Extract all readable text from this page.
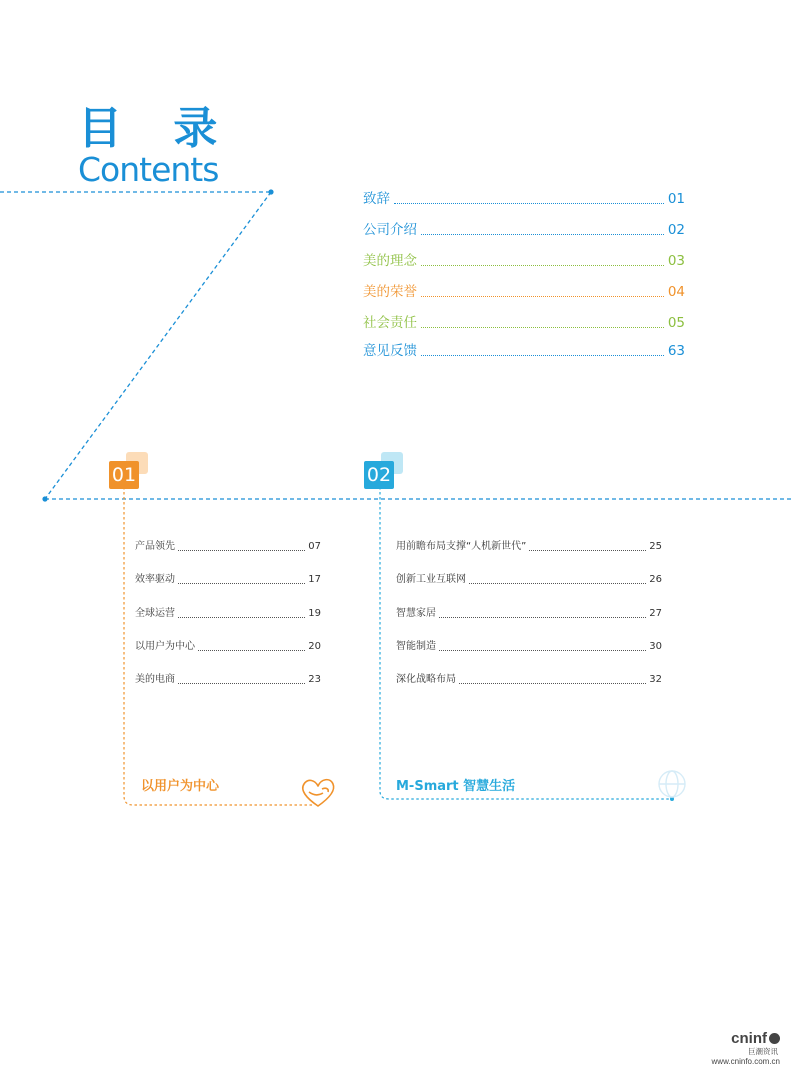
目 录
Contents
致辞	01
公司介绍	02
美的理念	03
美的荣誉	04
社会责任	05
意见反馈	63
01
产品领先	07
效率驱动	17
全球运营	19
以用户为中心	20
美的电商	23
以用户为中心
02
用前瞻布局支撑“人机新世代”	25
创新工业互联网	26
智慧家居	27
智能制造	30
深化战略布局	32
M-Smart 智慧生活
cninf
巨潮资讯
www.cninfo.com.cn
